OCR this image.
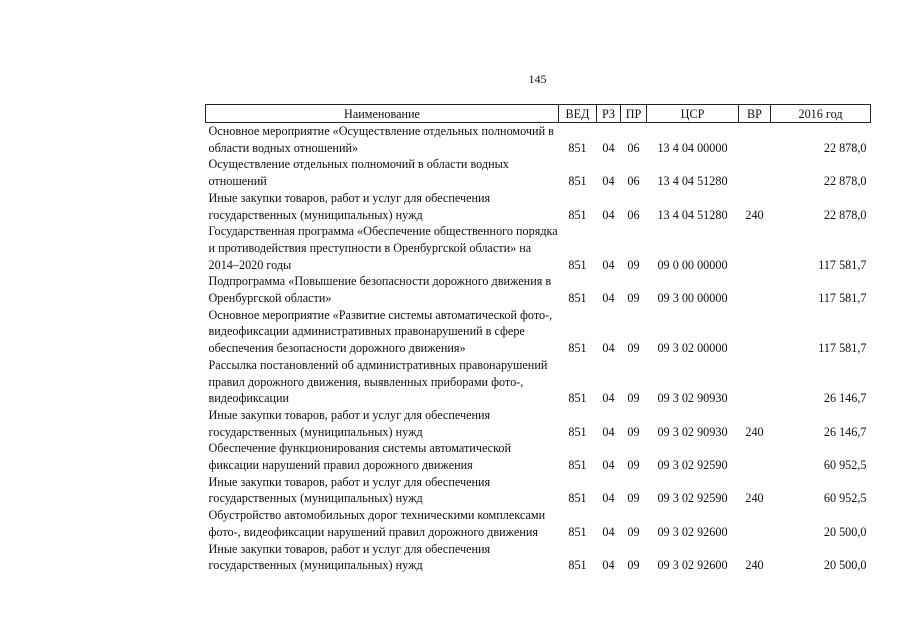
145
Наименование	ВЕД	РЗ	ПР	ЦСР	ВР	2016 год
Основное мероприятие «Осуществление отдельных полномочий в области водных отношений»	851	04	06	13 4 04 00000		22 878,0
Осуществление отдельных полномочий в области водных отношений	851	04	06	13 4 04 51280		22 878,0
Иные закупки товаров, работ и услуг для обеспечения государственных (муниципальных) нужд	851	04	06	13 4 04 51280	240	22 878,0
Государственная программа «Обеспечение общественного порядка и противодействия преступности в Оренбургской области» на 2014–2020 годы	851	04	09	09 0 00 00000		117 581,7
Подпрограмма «Повышение безопасности дорожного движения в Оренбургской области»	851	04	09	09 3 00 00000		117 581,7
Основное мероприятие «Развитие системы автоматической фото-, видеофиксации административных правонарушений в сфере обеспечения безопасности дорожного движения»	851	04	09	09 3 02 00000		117 581,7
Рассылка постановлений об административных правонарушений правил дорожного движения, выявленных приборами фото-, видеофиксации	851	04	09	09 3 02 90930		26 146,7
Иные закупки товаров, работ и услуг для обеспечения государственных (муниципальных) нужд	851	04	09	09 3 02 90930	240	26 146,7
Обеспечение функционирования системы автоматической фиксации нарушений правил дорожного движения	851	04	09	09 3 02 92590		60 952,5
Иные закупки товаров, работ и услуг для обеспечения государственных (муниципальных) нужд	851	04	09	09 3 02 92590	240	60 952,5
Обустройство автомобильных дорог техническими комплексами фото-, видеофиксации нарушений правил дорожного движения	851	04	09	09 3 02 92600		20 500,0
Иные закупки товаров, работ и услуг для обеспечения государственных (муниципальных) нужд	851	04	09	09 3 02 92600	240	20 500,0
